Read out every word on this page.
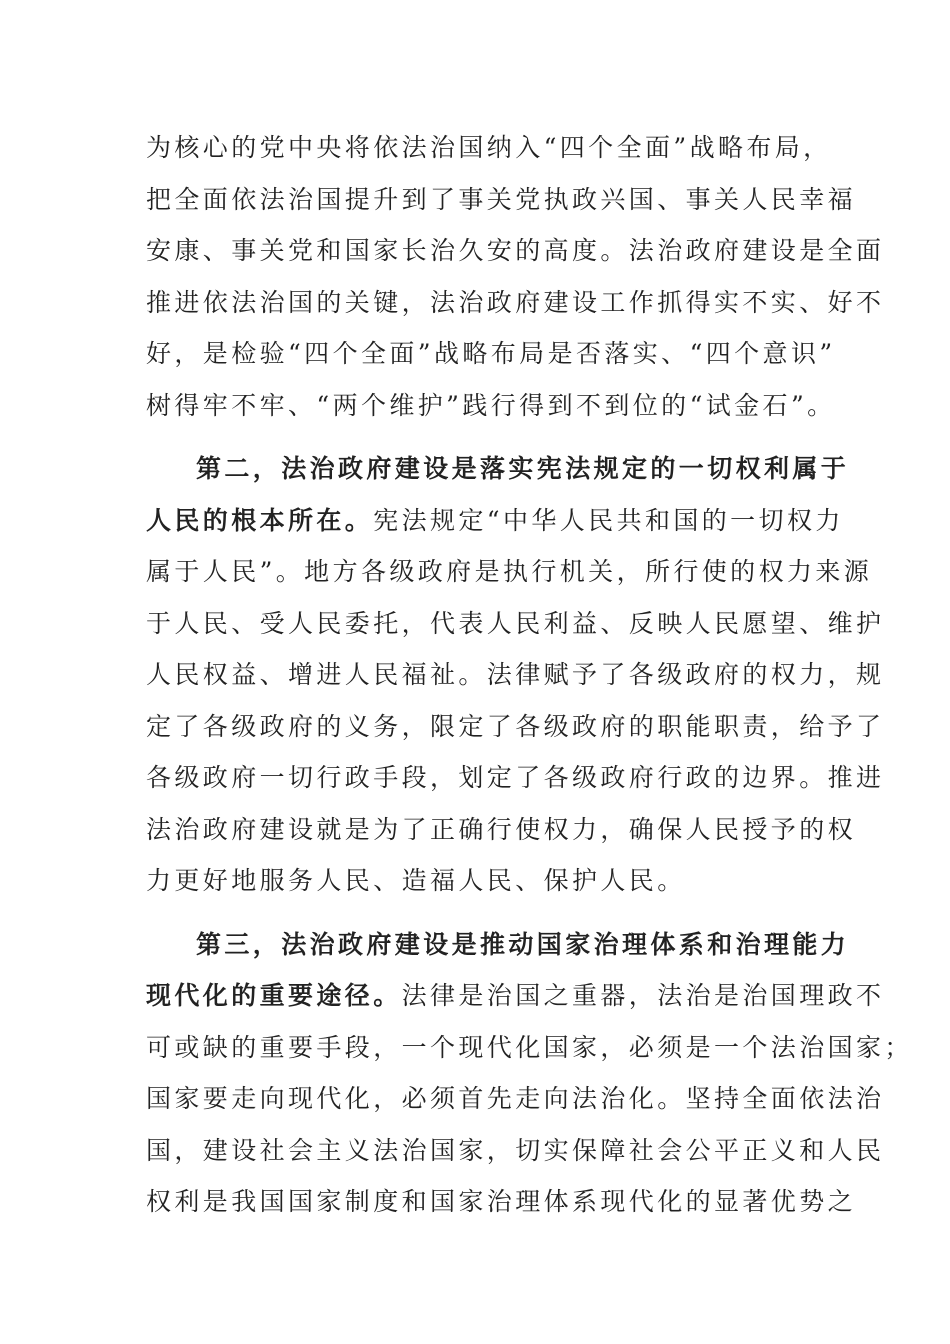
为核心的党中央将依法治国纳入“四个全面”战略布局，
把全面依法治国提升到了事关党执政兴国、事关人民幸福
安康、事关党和国家长治久安的高度。法治政府建设是全面
推进依法治国的关键，法治政府建设工作抓得实不实、好不
好，是检验“四个全面”战略布局是否落实、“四个意识”
树得牢不牢、“两个维护”践行得到不到位的“试金石”。
第二，法治政府建设是落实宪法规定的一切权利属于
人民的根本所在。宪法规定“中华人民共和国的一切权力
属于人民”。地方各级政府是执行机关，所行使的权力来源
于人民、受人民委托，代表人民利益、反映人民愿望、维护
人民权益、增进人民福祉。法律赋予了各级政府的权力，规
定了各级政府的义务，限定了各级政府的职能职责，给予了
各级政府一切行政手段，划定了各级政府行政的边界。推进
法治政府建设就是为了正确行使权力，确保人民授予的权
力更好地服务人民、造福人民、保护人民。
第三，法治政府建设是推动国家治理体系和治理能力
现代化的重要途径。法律是治国之重器，法治是治国理政不
可或缺的重要手段，一个现代化国家，必须是一个法治国家；
国家要走向现代化，必须首先走向法治化。坚持全面依法治
国，建设社会主义法治国家，切实保障社会公平正义和人民
权利是我国国家制度和国家治理体系现代化的显著优势之
